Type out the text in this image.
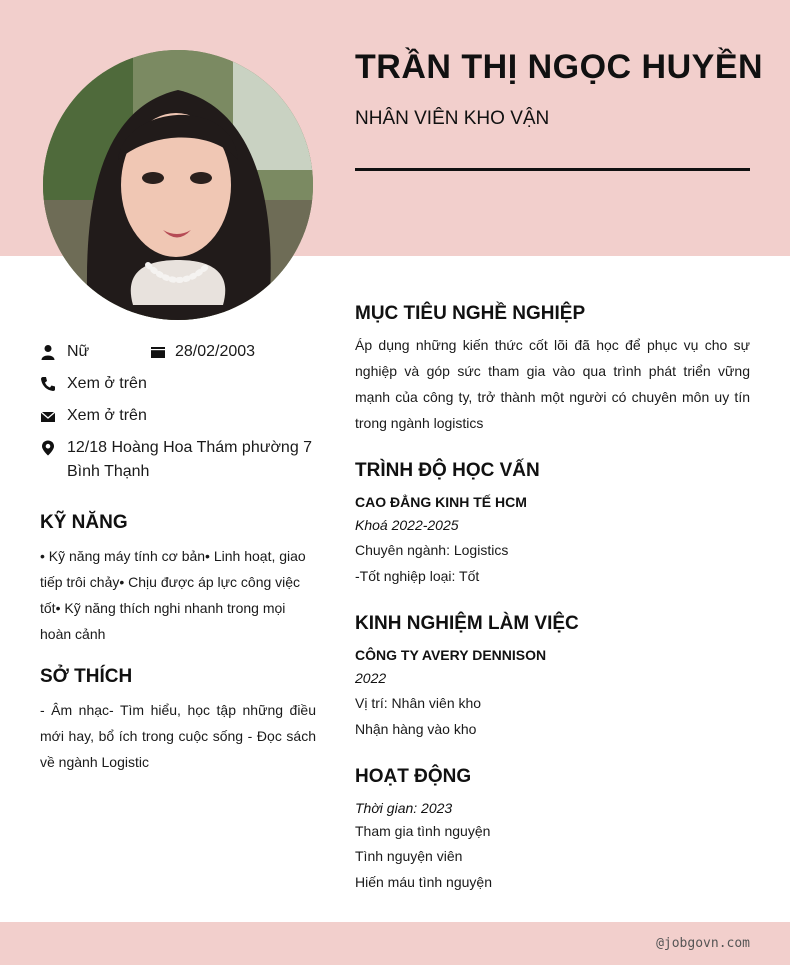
TRẦN THỊ NGỌC HUYỀN
NHÂN VIÊN KHO VẬN
Nữ	28/02/2003
Xem ở trên
Xem ở trên
12/18 Hoàng Hoa Thám phường 7
Bình Thạnh
KỸ NĂNG
• Kỹ năng máy tính cơ bản• Linh hoạt, giao
tiếp trôi chảy• Chịu được áp lực công việc
tốt• Kỹ năng thích nghi nhanh trong mọi
hoàn cảnh
SỞ THÍCH
- Âm nhạc- Tìm hiểu, học tập những điều mới hay, bổ ích trong cuộc sống - Đọc sách về ngành Logistic
MỤC TIÊU NGHỀ NGHIỆP
Áp dụng những kiến thức cốt lõi đã học để phục vụ cho sự nghiệp và góp sức tham gia vào qua trình phát triển vững mạnh của công ty, trở thành một người có chuyên môn uy tín trong ngành logistics
TRÌNH ĐỘ HỌC VẤN
CAO ĐẲNG KINH TẾ HCM
Khoá 2022-2025
Chuyên ngành: Logistics
-Tốt nghiệp loại: Tốt
KINH NGHIỆM LÀM VIỆC
CÔNG TY AVERY DENNISON
2022
Vị trí: Nhân viên kho
Nhận hàng vào kho
HOẠT ĐỘNG
Thời gian: 2023
Tham gia tình nguyện
Tình nguyện viên
Hiến máu tình nguyện
@jobgovn.com
